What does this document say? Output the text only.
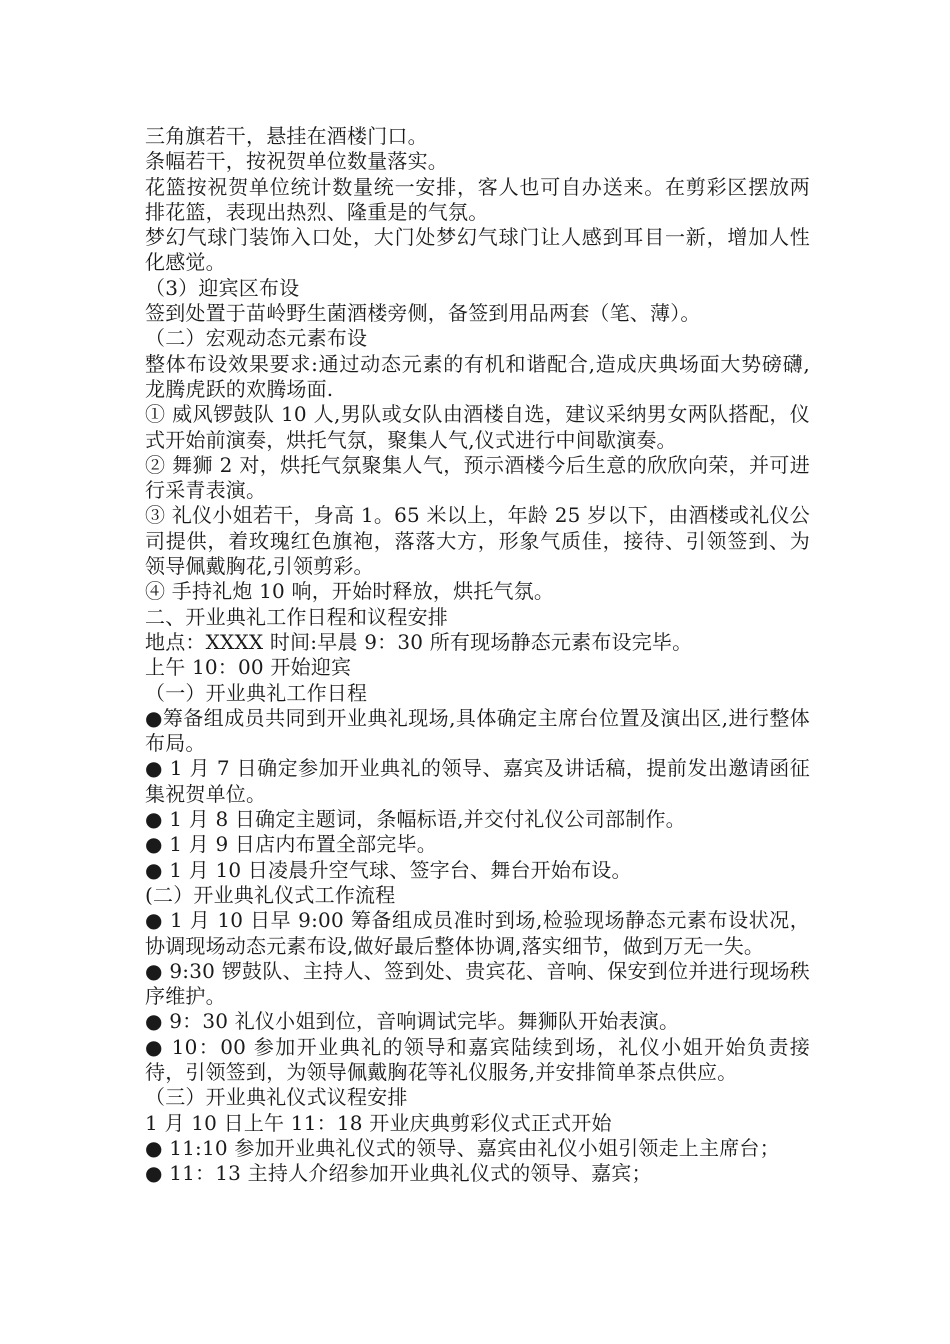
三角旗若干，悬挂在酒楼门口。

条幅若干，按祝贺单位数量落实。

花篮按祝贺单位统计数量统一安排，客人也可自办送来。在剪彩区摆放两排花篮，表现出热烈、隆重是的气氛。

梦幻气球门装饰入口处，大门处梦幻气球门让人感到耳目一新，增加人性化感觉。

（3）迎宾区布设

签到处置于苗岭野生菌酒楼旁侧，备签到用品两套（笔、薄）。

（二）宏观动态元素布设

整体布设效果要求:通过动态元素的有机和谐配合,造成庆典场面大势磅礴,龙腾虎跃的欢腾场面.

① 威风锣鼓队 10 人,男队或女队由酒楼自选，建议采纳男女两队搭配，仪式开始前演奏，烘托气氛，聚集人气,仪式进行中间歇演奏。

② 舞狮 2 对，烘托气氛聚集人气，预示酒楼今后生意的欣欣向荣，并可进行采青表演。

③ 礼仪小姐若干，身高 1。65 米以上，年龄 25 岁以下，由酒楼或礼仪公司提供，着玫瑰红色旗袍，落落大方，形象气质佳，接待、引领签到、为领导佩戴胸花,引领剪彩。

④ 手持礼炮 10 响，开始时释放，烘托气氛。

二、开业典礼工作日程和议程安排

地点：XXXX 时间:早晨 9：30 所有现场静态元素布设完毕。

上午 10：00 开始迎宾

（一）开业典礼工作日程

●筹备组成员共同到开业典礼现场,具体确定主席台位置及演出区,进行整体布局。

● 1 月 7 日确定参加开业典礼的领导、嘉宾及讲话稿，提前发出邀请函征集祝贺单位。

● 1 月 8 日确定主题词，条幅标语,并交付礼仪公司部制作。

● 1 月 9 日店内布置全部完毕。

● 1 月 10 日凌晨升空气球、签字台、舞台开始布设。

(二）开业典礼仪式工作流程

● 1 月 10 日早 9:00 筹备组成员准时到场,检验现场静态元素布设状况，协调现场动态元素布设,做好最后整体协调,落实细节，做到万无一失。

● 9:30 锣鼓队、主持人、签到处、贵宾花、音响、保安到位并进行现场秩序维护。

● 9：30 礼仪小姐到位，音响调试完毕。舞狮队开始表演。

● 10：00 参加开业典礼的领导和嘉宾陆续到场，礼仪小姐开始负责接待，引领签到，为领导佩戴胸花等礼仪服务,并安排简单茶点供应。

（三）开业典礼仪式议程安排

1 月 10 日上午 11：18 开业庆典剪彩仪式正式开始

● 11:10 参加开业典礼仪式的领导、嘉宾由礼仪小姐引领走上主席台；

● 11：13 主持人介绍参加开业典礼仪式的领导、嘉宾；
